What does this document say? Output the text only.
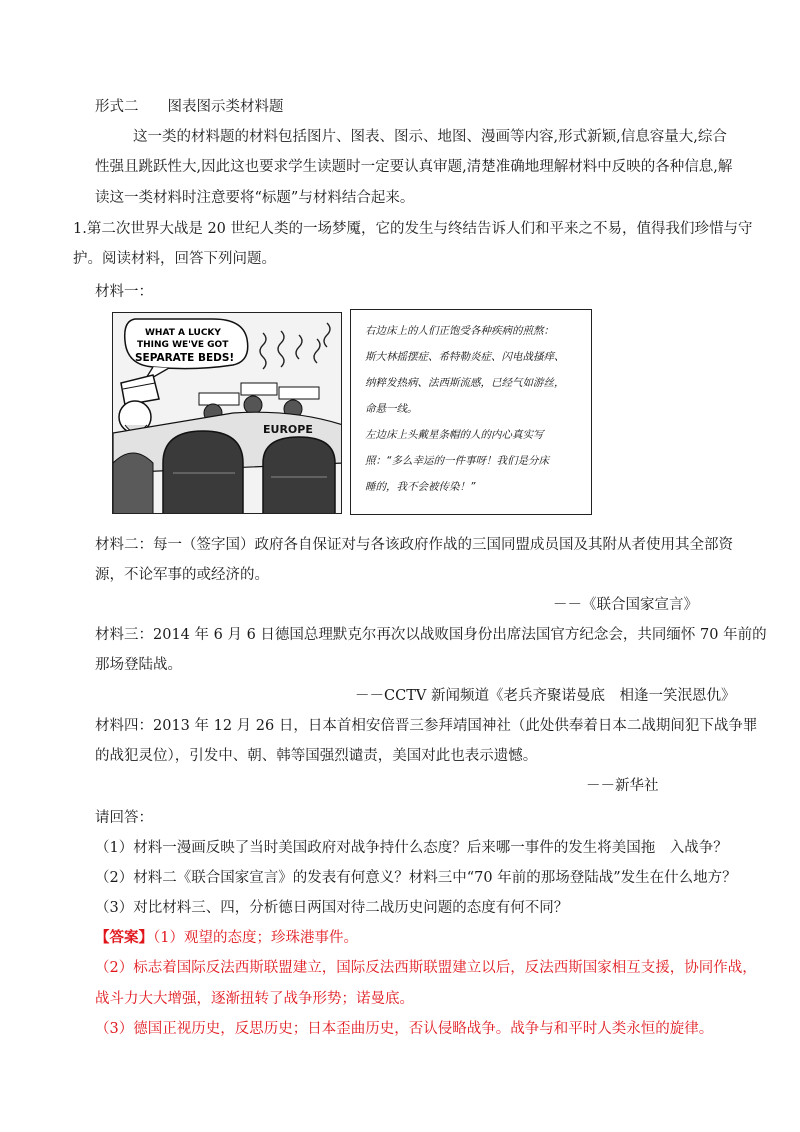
形式二　　图表图示类材料题
这一类的材料题的材料包括图片、图表、图示、地图、漫画等内容,形式新颖,信息容量大,综合
性强且跳跃性大,因此这也要求学生读题时一定要认真审题,清楚准确地理解材料中反映的各种信息,解
读这一类材料时注意要将“标题”与材料结合起来。
1.第二次世界大战是 20 世纪人类的一场梦魇，它的发生与终结告诉人们和平来之不易，值得我们珍惜与守
护。阅读材料，回答下列问题。
材料一：
WHAT A LUCKY
THING WE'VE GOT
SEPARATE BEDS!
EUROPE
右边床上的人们正饱受各种疾病的煎熬：
斯大林摇摆症、希特勒炎症、闪电战搔痒、
纳粹发热病、法西斯流感，已经气如游丝，
命悬一线。
左边床上头戴星条帽的人的内心真实写
照：“多么幸运的一件事呀！我们是分床
睡的，我不会被传染！”
材料二：每一（签字国）政府各自保证对与各该政府作战的三国同盟成员国及其附从者使用其全部资
源，不论军事的或经济的。
－－《联合国家宣言》
材料三：2014 年 6 月 6 日德国总理默克尔再次以战败国身份出席法国官方纪念会，共同缅怀 70 年前的
那场登陆战。
－－CCTV 新闻频道《老兵齐聚诺曼底　相逢一笑泯恩仇》
材料四：2013 年 12 月 26 日，日本首相安倍晋三参拜靖国神社（此处供奉着日本二战期间犯下战争罪
的战犯灵位），引发中、朝、韩等国强烈谴责，美国对此也表示遗憾。
－－新华社
请回答：
（1）材料一漫画反映了当时美国政府对战争持什么态度？后来哪一事件的发生将美国拖　入战争？
（2）材料二《联合国家宣言》的发表有何意义？材料三中“70 年前的那场登陆战”发生在什么地方？
（3）对比材料三、四，分析德日两国对待二战历史问题的态度有何不同？
【答案】（1）观望的态度；珍珠港事件。
（2）标志着国际反法西斯联盟建立，国际反法西斯联盟建立以后，反法西斯国家相互支援，协同作战，
战斗力大大增强，逐渐扭转了战争形势；诺曼底。
（3）德国正视历史，反思历史；日本歪曲历史，否认侵略战争。战争与和平时人类永恒的旋律。
